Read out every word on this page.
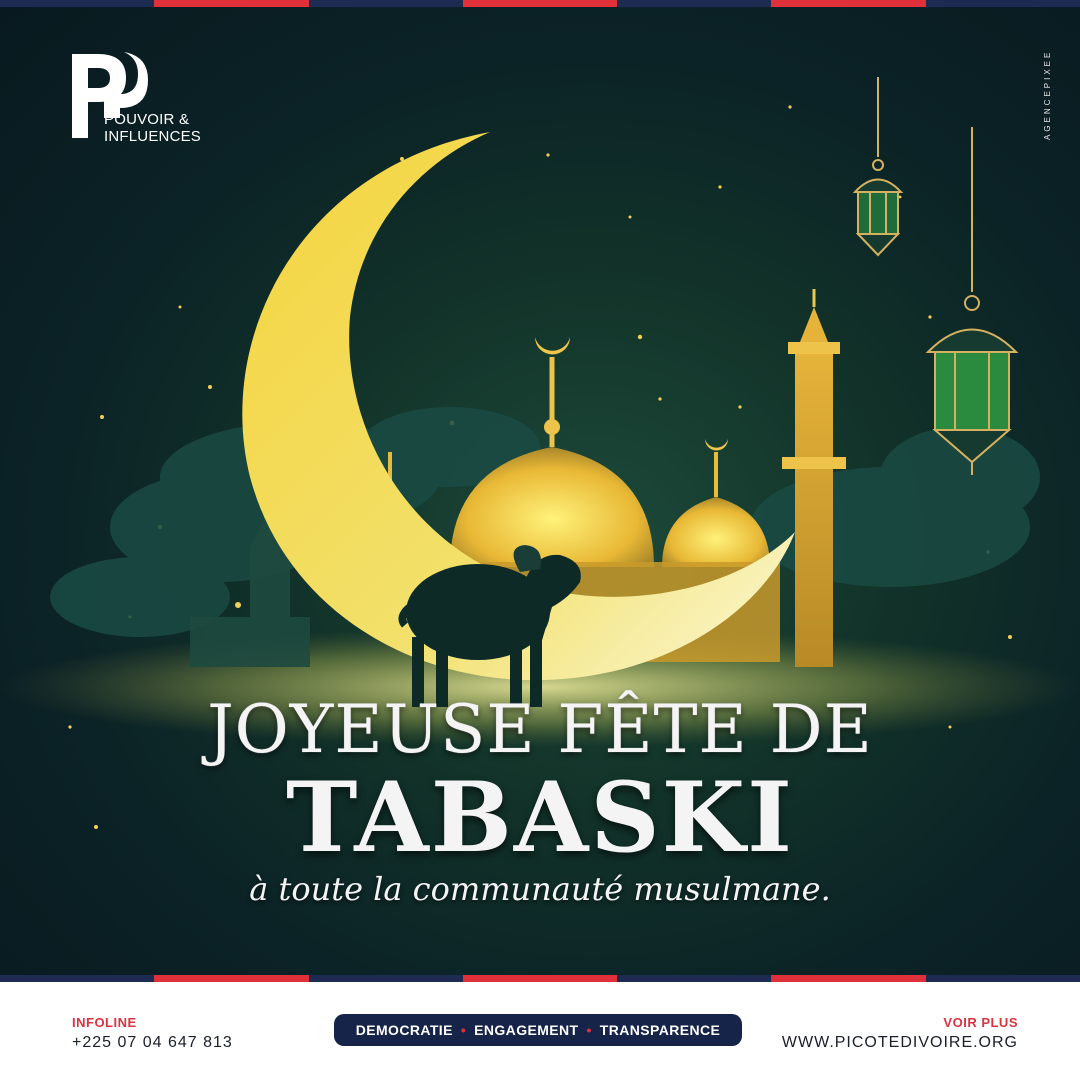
POUVOIR &
INFLUENCES	AGENCEPIXEE
JOYEUSE FÊTE DE
TABASKI
à toute la communauté musulmane.
INFOLINE
+225 07 04 647 813
DEMOCRATIE • ENGAGEMENT • TRANSPARENCE	VOIR PLUS
WWW.PICOTEDIVOIRE.ORG
